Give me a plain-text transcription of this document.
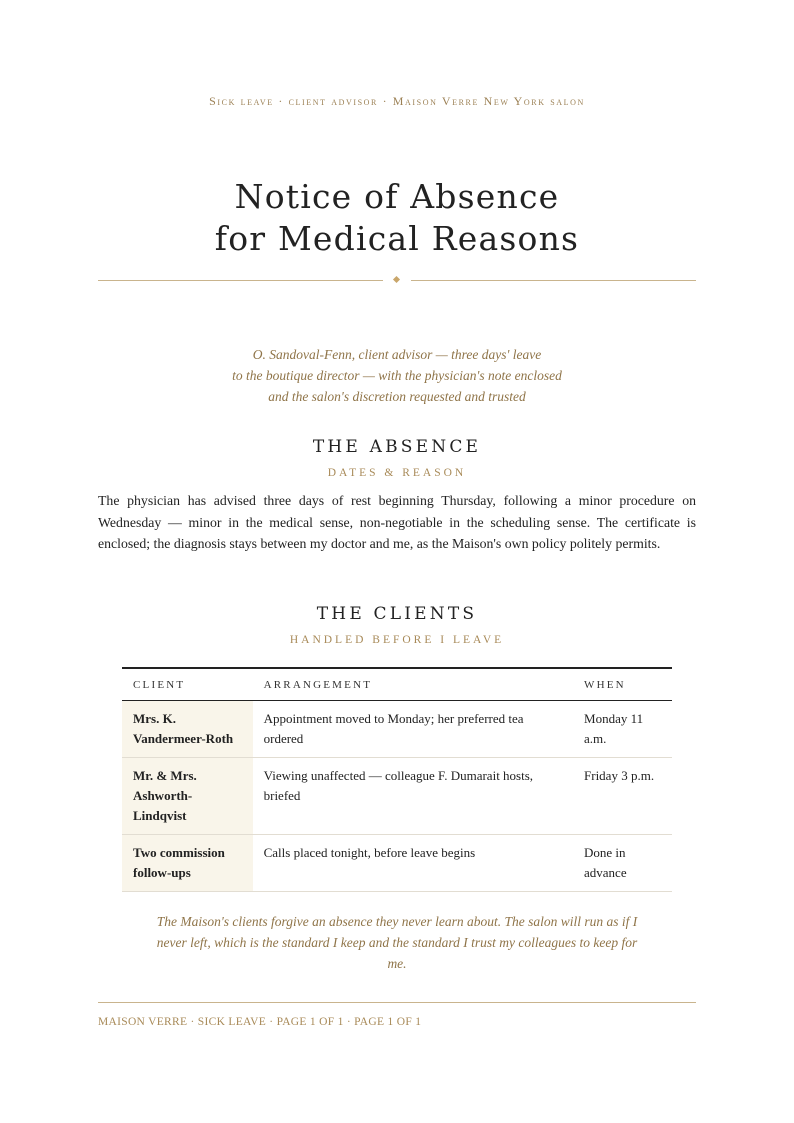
Sick leave · client advisor · Maison Verre New York salon
Notice of Absence
for Medical Reasons
O. Sandoval-Fenn, client advisor — three days' leave
to the boutique director — with the physician's note enclosed
and the salon's discretion requested and trusted
THE ABSENCE
DATES & REASON

The physician has advised three days of rest beginning Thursday, following a minor procedure on Wednesday — minor in the medical sense, non-negotiable in the scheduling sense. The certificate is enclosed; the diagnosis stays between my doctor and me, as the Maison's own policy politely permits.

THE CLIENTS
HANDLED BEFORE I LEAVE
CLIENT	ARRANGEMENT	WHEN
Mrs. K. Vandermeer-Roth	Appointment moved to Monday; her preferred tea ordered	Monday 11 a.m.
Mr. & Mrs. Ashworth-Lindqvist	Viewing unaffected — colleague F. Dumarait hosts, briefed	Friday 3 p.m.
Two commission follow-ups	Calls placed tonight, before leave begins	Done in advance

The Maison's clients forgive an absence they never learn about. The salon will run as if I never left, which is the standard I keep and the standard I trust my colleagues to keep for me.

MAISON VERRE · SICK LEAVE · PAGE 1 OF 1 · PAGE 1 OF 1
